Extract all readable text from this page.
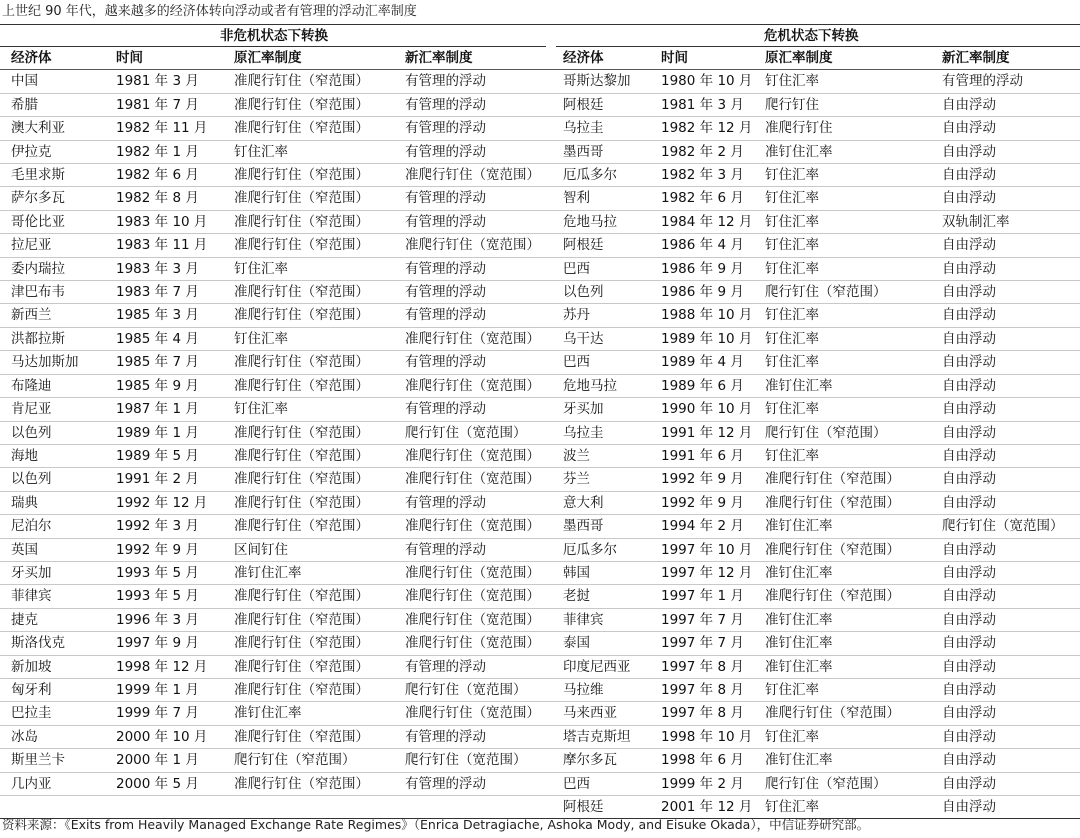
上世纪 90 年代，越来越多的经济体转向浮动或者有管理的浮动汇率制度
非危机状态下转换	危机状态下转换
经济体	时间	原汇率制度	新汇率制度	经济体	时间	原汇率制度	新汇率制度
中国	1981 年 3 月	准爬行钉住（窄范围）	有管理的浮动	哥斯达黎加	1980 年 10 月	钉住汇率	有管理的浮动
希腊	1981 年 7 月	准爬行钉住（窄范围）	有管理的浮动	阿根廷	1981 年 3 月	爬行钉住	自由浮动
澳大利亚	1982 年 11 月	准爬行钉住（窄范围）	有管理的浮动	乌拉圭	1982 年 12 月	准爬行钉住	自由浮动
伊拉克	1982 年 1 月	钉住汇率	有管理的浮动	墨西哥	1982 年 2 月	准钉住汇率	自由浮动
毛里求斯	1982 年 6 月	准爬行钉住（窄范围）	准爬行钉住（宽范围）	厄瓜多尔	1982 年 3 月	钉住汇率	自由浮动
萨尔多瓦	1982 年 8 月	准爬行钉住（窄范围）	有管理的浮动	智利	1982 年 6 月	钉住汇率	自由浮动
哥伦比亚	1983 年 10 月	准爬行钉住（窄范围）	有管理的浮动	危地马拉	1984 年 12 月	钉住汇率	双轨制汇率
拉尼亚	1983 年 11 月	准爬行钉住（窄范围）	准爬行钉住（宽范围）	阿根廷	1986 年 4 月	钉住汇率	自由浮动
委内瑞拉	1983 年 3 月	钉住汇率	有管理的浮动	巴西	1986 年 9 月	钉住汇率	自由浮动
津巴布韦	1983 年 7 月	准爬行钉住（窄范围）	有管理的浮动	以色列	1986 年 9 月	爬行钉住（窄范围）	自由浮动
新西兰	1985 年 3 月	准爬行钉住（窄范围）	有管理的浮动	苏丹	1988 年 10 月	钉住汇率	自由浮动
洪都拉斯	1985 年 4 月	钉住汇率	准爬行钉住（宽范围）	乌干达	1989 年 10 月	钉住汇率	自由浮动
马达加斯加	1985 年 7 月	准爬行钉住（窄范围）	有管理的浮动	巴西	1989 年 4 月	钉住汇率	自由浮动
布隆迪	1985 年 9 月	准爬行钉住（窄范围）	准爬行钉住（宽范围）	危地马拉	1989 年 6 月	准钉住汇率	自由浮动
肯尼亚	1987 年 1 月	钉住汇率	有管理的浮动	牙买加	1990 年 10 月	钉住汇率	自由浮动
以色列	1989 年 1 月	准爬行钉住（窄范围）	爬行钉住（宽范围）	乌拉圭	1991 年 12 月	爬行钉住（窄范围）	自由浮动
海地	1989 年 5 月	准爬行钉住（窄范围）	准爬行钉住（宽范围）	波兰	1991 年 6 月	钉住汇率	自由浮动
以色列	1991 年 2 月	准爬行钉住（窄范围）	准爬行钉住（宽范围）	芬兰	1992 年 9 月	准爬行钉住（窄范围）	自由浮动
瑞典	1992 年 12 月	准爬行钉住（窄范围）	有管理的浮动	意大利	1992 年 9 月	准爬行钉住（窄范围）	自由浮动
尼泊尔	1992 年 3 月	准爬行钉住（窄范围）	准爬行钉住（宽范围）	墨西哥	1994 年 2 月	准钉住汇率	爬行钉住（宽范围）
英国	1992 年 9 月	区间钉住	有管理的浮动	厄瓜多尔	1997 年 10 月	准爬行钉住（窄范围）	自由浮动
牙买加	1993 年 5 月	准钉住汇率	准爬行钉住（宽范围）	韩国	1997 年 12 月	准钉住汇率	自由浮动
菲律宾	1993 年 5 月	准爬行钉住（窄范围）	准爬行钉住（宽范围）	老挝	1997 年 1 月	准爬行钉住（窄范围）	自由浮动
捷克	1996 年 3 月	准爬行钉住（窄范围）	准爬行钉住（宽范围）	菲律宾	1997 年 7 月	准钉住汇率	自由浮动
斯洛伐克	1997 年 9 月	准爬行钉住（窄范围）	准爬行钉住（宽范围）	泰国	1997 年 7 月	准钉住汇率	自由浮动
新加坡	1998 年 12 月	准爬行钉住（窄范围）	有管理的浮动	印度尼西亚	1997 年 8 月	准钉住汇率	自由浮动
匈牙利	1999 年 1 月	准爬行钉住（窄范围）	爬行钉住（宽范围）	马拉维	1997 年 8 月	钉住汇率	自由浮动
巴拉圭	1999 年 7 月	准钉住汇率	准爬行钉住（宽范围）	马来西亚	1997 年 8 月	准爬行钉住（窄范围）	自由浮动
冰岛	2000 年 10 月	准爬行钉住（窄范围）	有管理的浮动	塔吉克斯坦	1998 年 10 月	钉住汇率	自由浮动
斯里兰卡	2000 年 1 月	爬行钉住（窄范围）	爬行钉住（宽范围）	摩尔多瓦	1998 年 6 月	准钉住汇率	自由浮动
几内亚	2000 年 5 月	准爬行钉住（窄范围）	有管理的浮动	巴西	1999 年 2 月	爬行钉住（窄范围）	自由浮动
				阿根廷	2001 年 12 月	钉住汇率	自由浮动
资料来源：《Exits from Heavily Managed Exchange Rate Regimes》（Enrica Detragiache, Ashoka Mody, and Eisuke Okada），中信证券研究部。
